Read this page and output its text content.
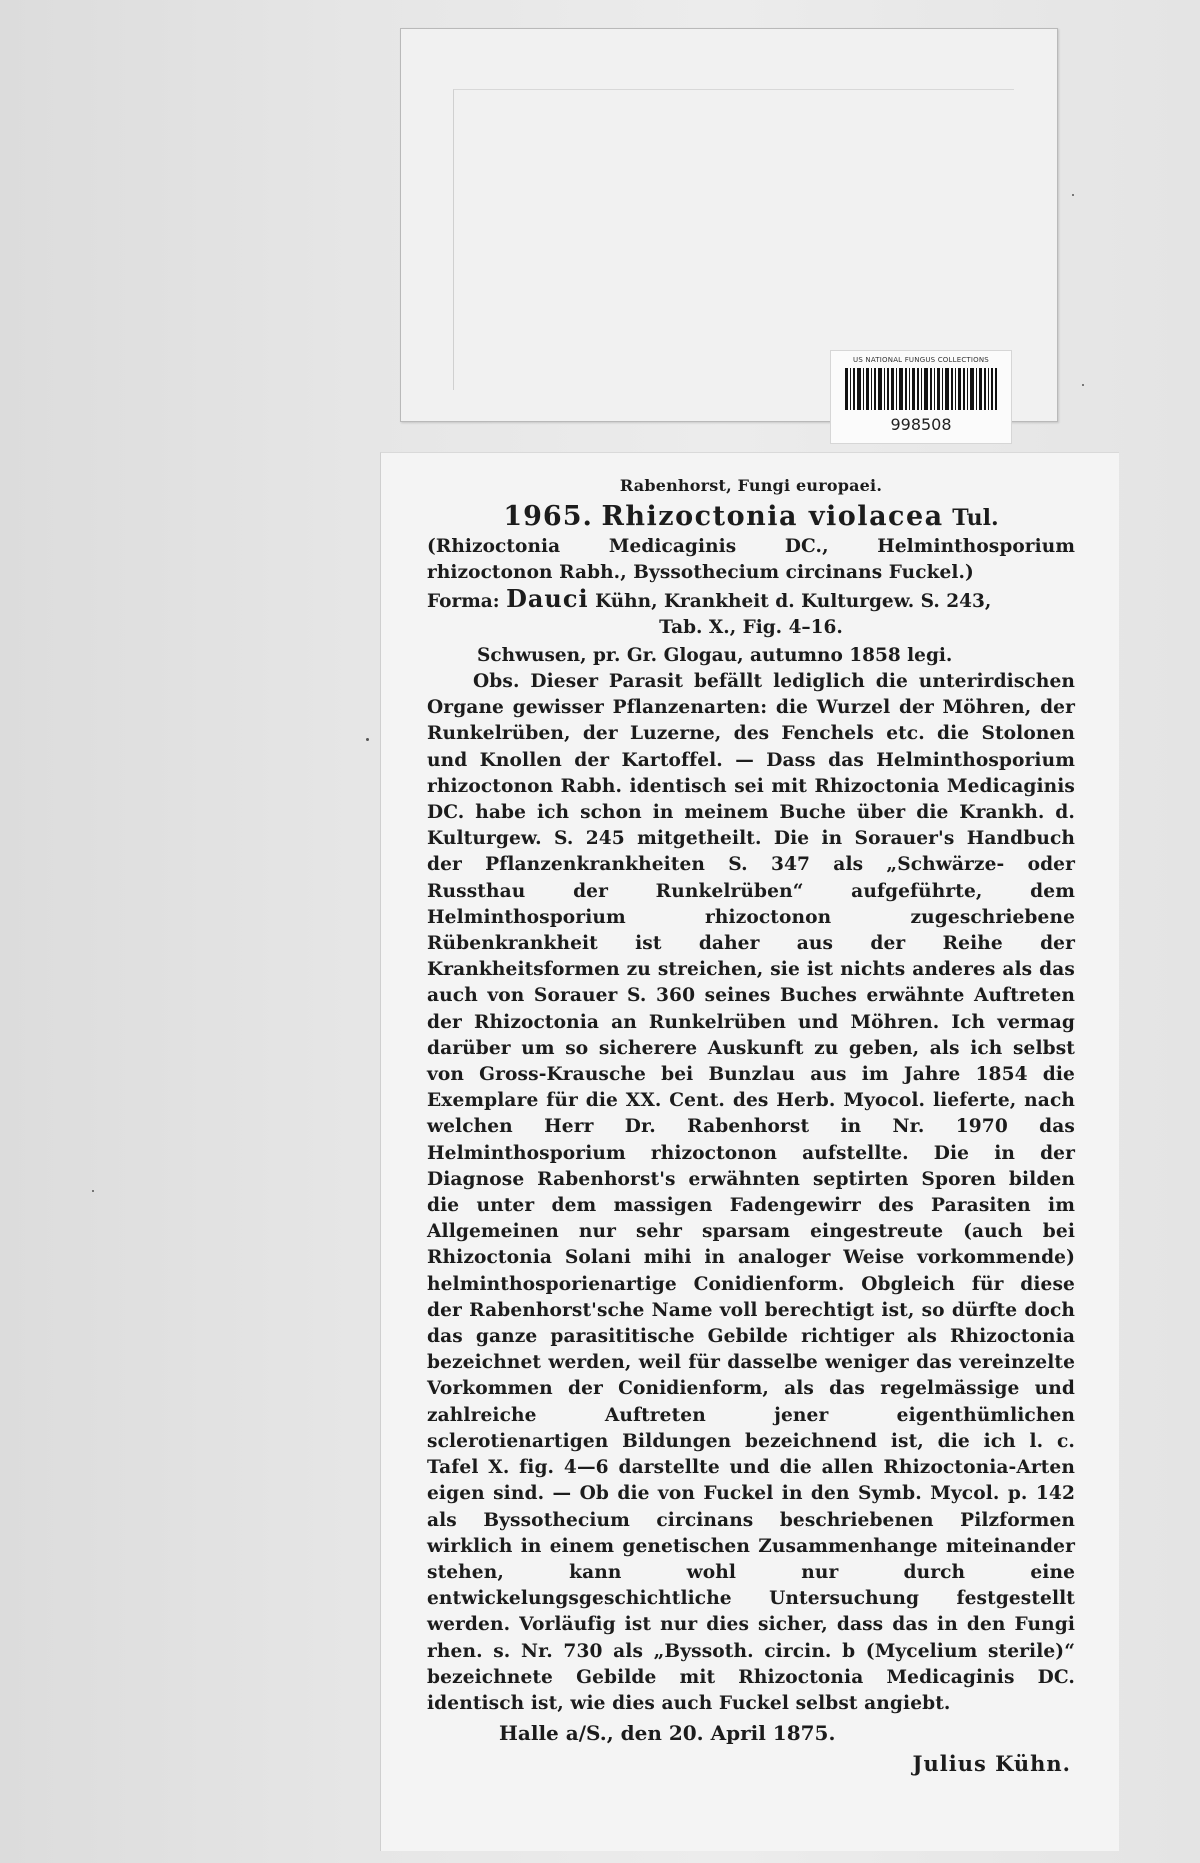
US NATIONAL FUNGUS COLLECTIONS
998508
Rabenhorst, Fungi europaei.
1965. Rhizoctonia violacea Tul.
(Rhizoctonia Medicaginis DC., Helminthosporium rhizoctonon Rabh., Byssothecium circinans Fuckel.)
Forma: Dauci Kühn, Krankheit d. Kulturgew. S. 243,
Tab. X., Fig. 4–16.
Schwusen, pr. Gr. Glogau, autumno 1858 legi.
Obs. Dieser Parasit befällt lediglich die unterirdischen Organe gewisser Pflanzenarten: die Wurzel der Möhren, der Runkelrüben, der Luzerne, des Fenchels etc. die Stolonen und Knollen der Kartoffel. — Dass das Helminthosporium rhizoctonon Rabh. identisch sei mit Rhizoctonia Medicaginis DC. habe ich schon in meinem Buche über die Krankh. d. Kulturgew. S. 245 mitgetheilt. Die in Sorauer's Handbuch der Pflanzenkrankheiten S. 347 als „Schwärze- oder Russthau der Runkelrüben“ aufgeführte, dem Helminthosporium rhizoctonon zugeschriebene Rübenkrankheit ist daher aus der Reihe der Krankheitsformen zu streichen, sie ist nichts anderes als das auch von Sorauer S. 360 seines Buches erwähnte Auftreten der Rhizoctonia an Runkelrüben und Möhren. Ich vermag darüber um so sicherere Auskunft zu geben, als ich selbst von Gross-Krausche bei Bunzlau aus im Jahre 1854 die Exemplare für die XX. Cent. des Herb. Myocol. lieferte, nach welchen Herr Dr. Rabenhorst in Nr. 1970 das Helminthosporium rhizoctonon aufstellte. Die in der Diagnose Rabenhorst's erwähnten septirten Sporen bilden die unter dem massigen Fadengewirr des Parasiten im Allgemeinen nur sehr sparsam eingestreute (auch bei Rhizoctonia Solani mihi in analoger Weise vorkommende) helminthosporienartige Conidienform. Obgleich für diese der Rabenhorst'sche Name voll berechtigt ist, so dürfte doch das ganze parasititische Gebilde richtiger als Rhizoctonia bezeichnet werden, weil für dasselbe weniger das vereinzelte Vorkommen der Conidienform, als das regelmässige und zahlreiche Auftreten jener eigenthümlichen sclerotienartigen Bildungen bezeichnend ist, die ich l. c. Tafel X. fig. 4—6 darstellte und die allen Rhizoctonia-Arten eigen sind. — Ob die von Fuckel in den Symb. Mycol. p. 142 als Byssothecium circinans beschriebenen Pilzformen wirklich in einem genetischen Zusammenhange miteinander stehen, kann wohl nur durch eine entwickelungsgeschichtliche Untersuchung festgestellt werden. Vorläufig ist nur dies sicher, dass das in den Fungi rhen. s. Nr. 730 als „Byssoth. circin. b (Mycelium sterile)“ bezeichnete Gebilde mit Rhizoctonia Medicaginis DC. identisch ist, wie dies auch Fuckel selbst angiebt.
Halle a/S., den 20. April 1875.
Julius Kühn.
